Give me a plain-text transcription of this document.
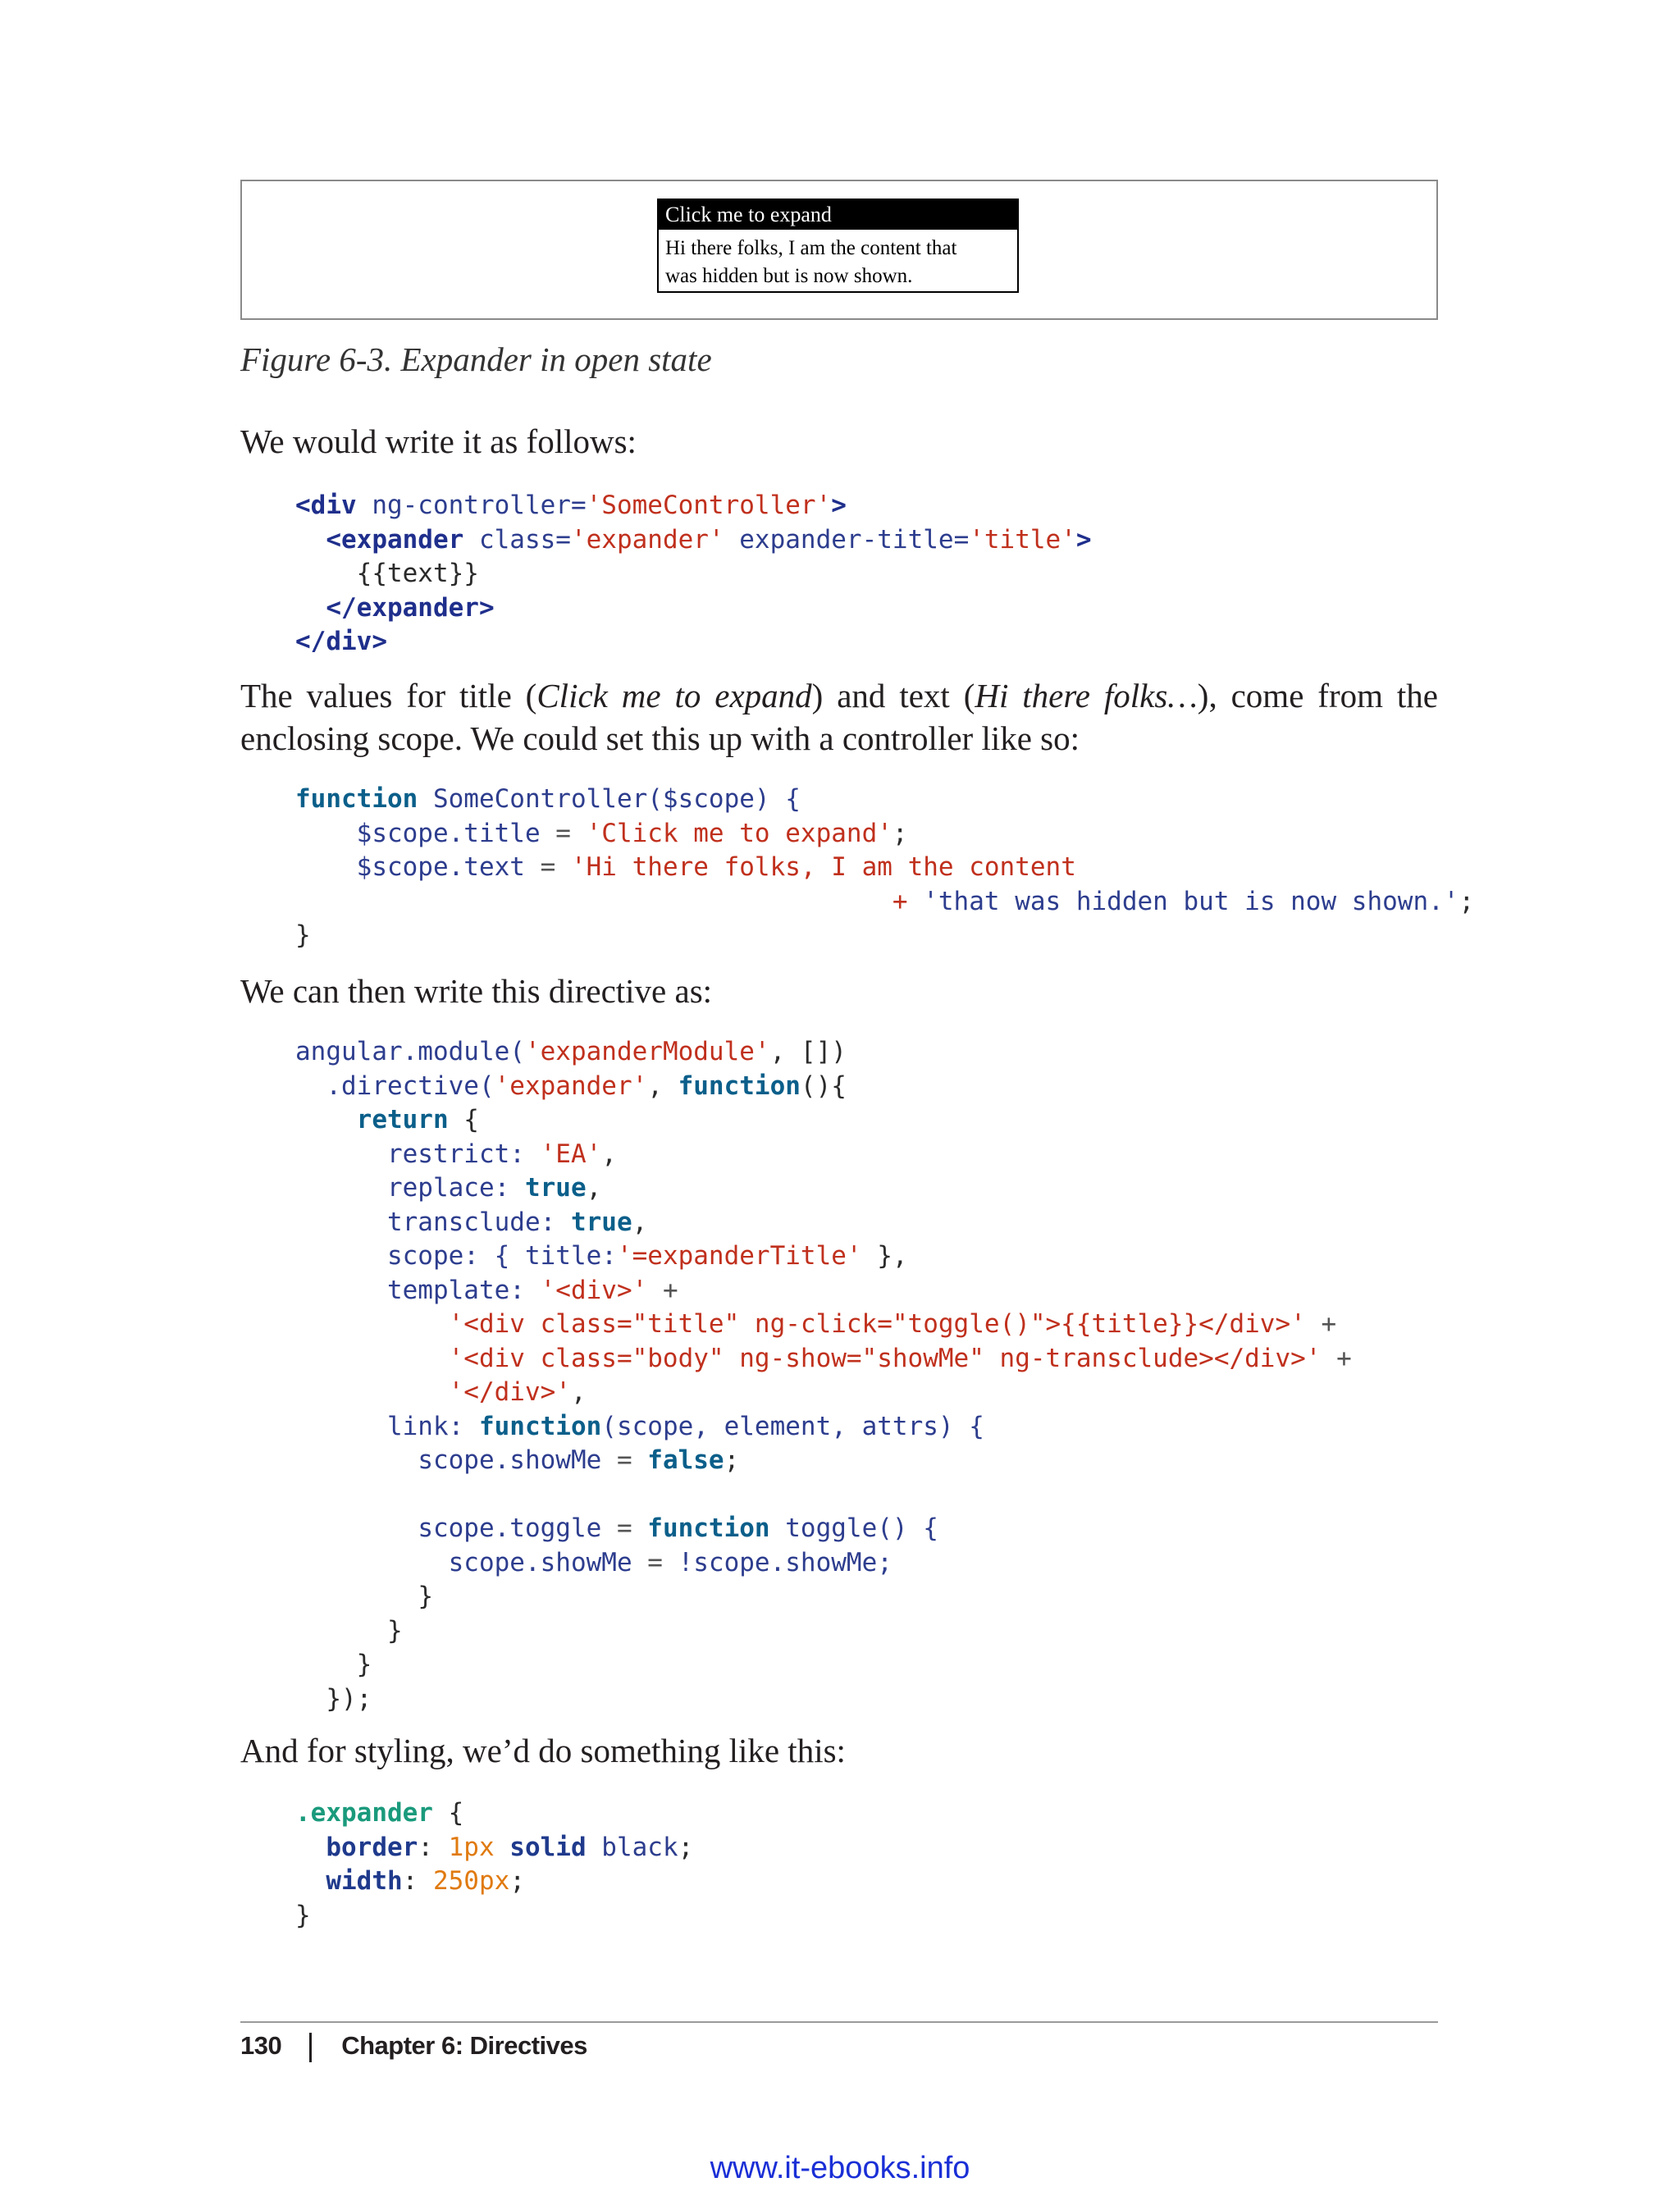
Click me to expand
Hi there folks, I am the content that
was hidden but is now shown.
Figure 6-3. Expander in open state
We would write it as follows:
<div ng-controller='SomeController'>
<expander class='expander' expander-title='title'>
{{text}}
</expander>
</div>
The values for title (Click me to expand) and text (Hi there folks…), come from the enclosing scope. We could set this up with a controller like so:
function SomeController($scope) {
$scope.title = 'Click me to expand';
$scope.text = 'Hi there folks, I am the content
+ 'that was hidden but is now shown.';
}
We can then write this directive as:
angular.module('expanderModule', [])
.directive('expander', function(){
return {
restrict: 'EA',
replace: true,
transclude: true,
scope: { title:'=expanderTitle' },
template: '<div>' +
'<div class="title" ng-click="toggle()">{{title}}</div>' +
'<div class="body" ng-show="showMe" ng-transclude></div>' +
'</div>',
link: function(scope, element, attrs) {
scope.showMe = false;

scope.toggle = function toggle() {
scope.showMe = !scope.showMe;
}
}
}
});
And for styling, we’d do something like this:
.expander {
border: 1px solid black;
width: 250px;
}
130 Chapter 6: Directives
www.it-ebooks.info
